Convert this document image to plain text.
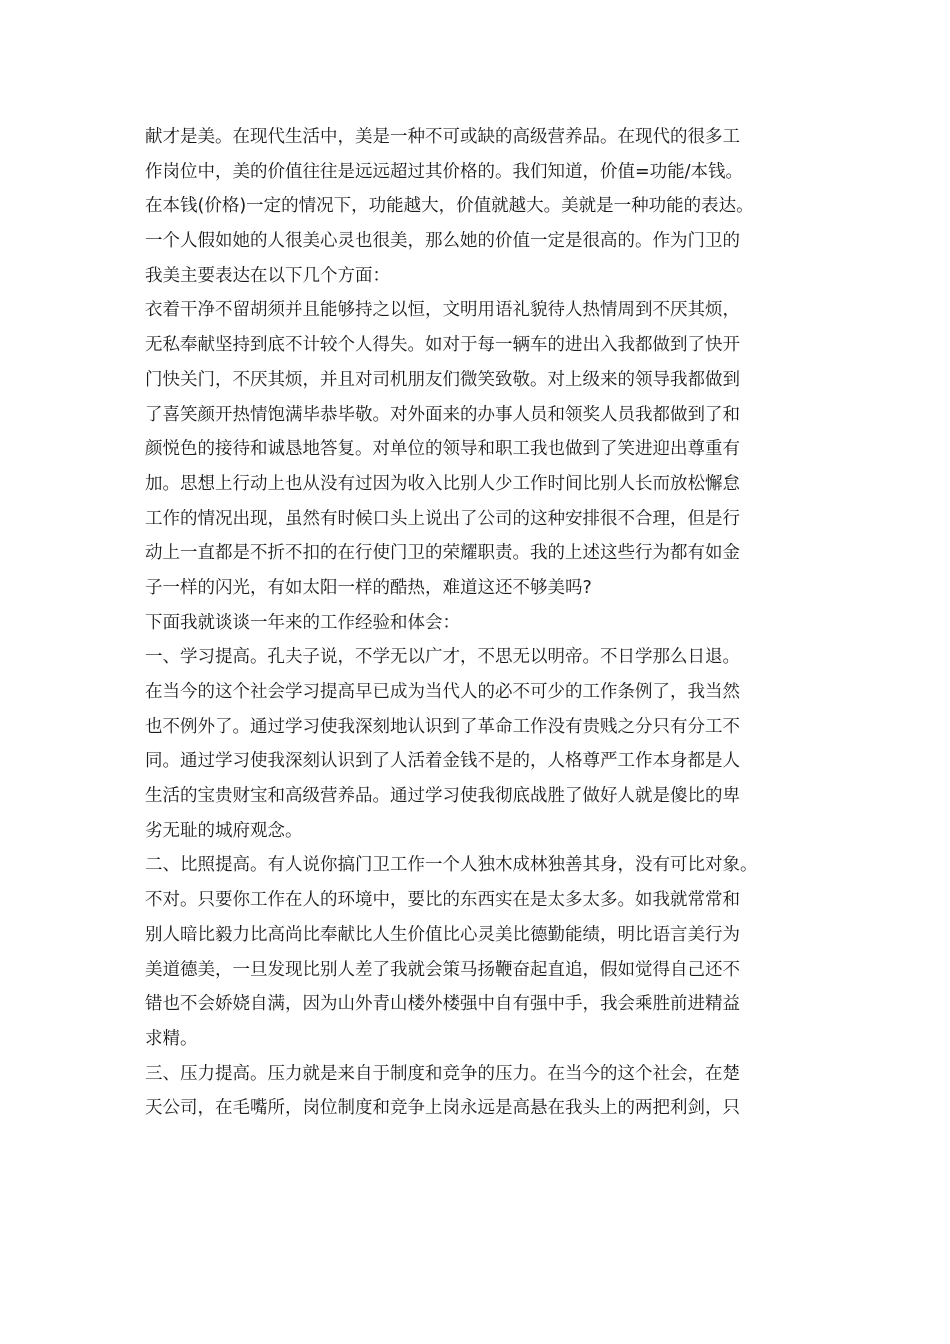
献才是美。在现代生活中，美是一种不可或缺的高级营养品。在现代的很多工
作岗位中，美的价值往往是远远超过其价格的。我们知道，价值=功能/本钱。
在本钱(价格)一定的情况下，功能越大，价值就越大。美就是一种功能的表达。
一个人假如她的人很美心灵也很美，那么她的价值一定是很高的。作为门卫的
我美主要表达在以下几个方面：
衣着干净不留胡须并且能够持之以恒，文明用语礼貌待人热情周到不厌其烦，
无私奉献坚持到底不计较个人得失。如对于每一辆车的进出入我都做到了快开
门快关门，不厌其烦，并且对司机朋友们微笑致敬。对上级来的领导我都做到
了喜笑颜开热情饱满毕恭毕敬。对外面来的办事人员和领奖人员我都做到了和
颜悦色的接待和诚恳地答复。对单位的领导和职工我也做到了笑进迎出尊重有
加。思想上行动上也从没有过因为收入比别人少工作时间比别人长而放松懈怠
工作的情况出现，虽然有时候口头上说出了公司的这种安排很不合理，但是行
动上一直都是不折不扣的在行使门卫的荣耀职责。我的上述这些行为都有如金
子一样的闪光，有如太阳一样的酷热，难道这还不够美吗?
下面我就谈谈一年来的工作经验和体会：
一、学习提高。孔夫子说，不学无以广才，不思无以明帝。不日学那么日退。
在当今的这个社会学习提高早已成为当代人的必不可少的工作条例了，我当然
也不例外了。通过学习使我深刻地认识到了革命工作没有贵贱之分只有分工不
同。通过学习使我深刻认识到了人活着金钱不是的，人格尊严工作本身都是人
生活的宝贵财宝和高级营养品。通过学习使我彻底战胜了做好人就是傻比的卑
劣无耻的城府观念。
二、比照提高。有人说你搞门卫工作一个人独木成林独善其身，没有可比对象。
不对。只要你工作在人的环境中，要比的东西实在是太多太多。如我就常常和
别人暗比毅力比高尚比奉献比人生价值比心灵美比德勤能绩，明比语言美行为
美道德美，一旦发现比别人差了我就会策马扬鞭奋起直追，假如觉得自己还不
错也不会娇娆自满，因为山外青山楼外楼强中自有强中手，我会乘胜前进精益
求精。
三、压力提高。压力就是来自于制度和竞争的压力。在当今的这个社会，在楚
天公司，在毛嘴所，岗位制度和竞争上岗永远是高悬在我头上的两把利剑，只
